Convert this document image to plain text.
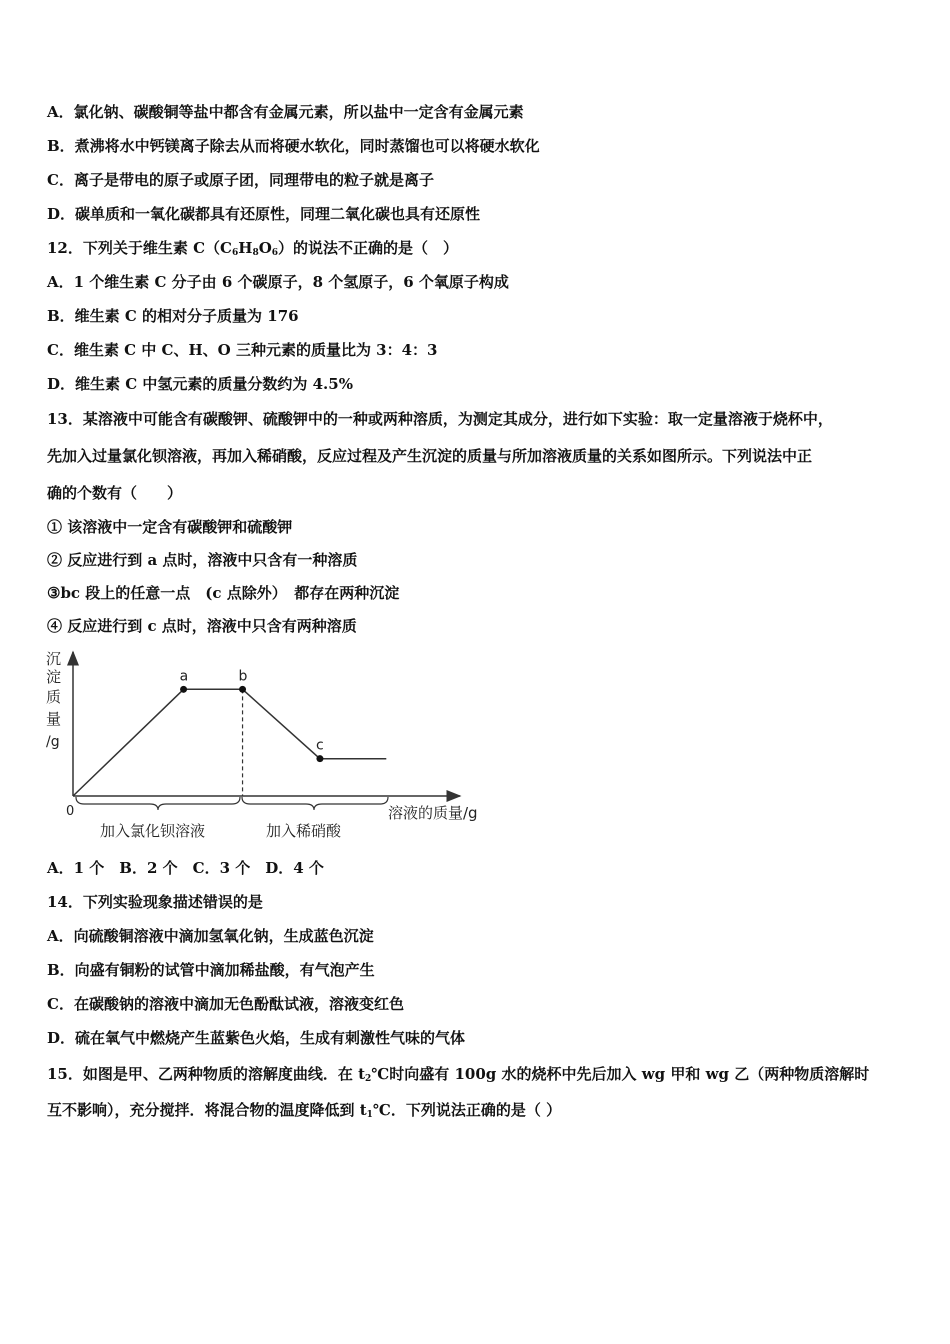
A．氯化钠、碳酸铜等盐中都含有金属元素，所以盐中一定含有金属元素
B．煮沸将水中钙镁离子除去从而将硬水软化，同时蒸馏也可以将硬水软化
C．离子是带电的原子或原子团，同理带电的粒子就是离子
D．碳单质和一氧化碳都具有还原性，同理二氧化碳也具有还原性
12．下列关于维生素 $C(C_6H_8O_6)$的说法不正确的是（　）
A．1 个维生素 C 分子由 6 个碳原子，8 个氢原子，6 个氧原子构成
B．维生素 C 的相对分子质量为 176
C．维生素 C 中 C、H、O 三种元素的质量比为 3：4：3
D．维生素 C 中氢元素的质量分数约为 4.5%
13．某溶液中可能含有碳酸钾、硫酸钾中的一种或两种溶质，为测定其成分，进行如下实验：取一定量溶液于烧杯中，
先加入过量氯化钡溶液，再加入稀硝酸，反应过程及产生沉淀的质量与所加溶液质量的关系如图所示。下列说法中正
确的个数有（　　）
① 该溶液中一定含有碳酸钾和硫酸钾
② 反应进行到 a 点时，溶液中只含有一种溶质
③bc 段上的任意一点　(c 点除外）　都存在两种沉淀
④ 反应进行到 c 点时，溶液中只含有两种溶质
沉
淀
质
量
/g
0	溶液的质量/g
a	b
c
加入氯化钡溶液	加入稀硝酸
A．1 个　B．2 个　C．3 个　D．4 个
14．下列实验现象描述错误的是
A．向硫酸铜溶液中滴加氢氧化钠，生成蓝色沉淀
B．向盛有铜粉的试管中滴加稀盐酸，有气泡产生
C．在碳酸钠的溶液中滴加无色酚酞试液，溶液变红色
D．硫在氧气中燃烧产生蓝紫色火焰，生成有刺激性气味的气体
15．如图是甲、乙两种物质的溶解度曲线．在 $t_2℃$时向盛有 100g 水的烧杯中先后加入 wg 甲和 wg 乙（两种物质溶解时
互不影响），充分搅拌．将混合物的温度降低到 $t_1℃$．下列说法正确的是（ ）
